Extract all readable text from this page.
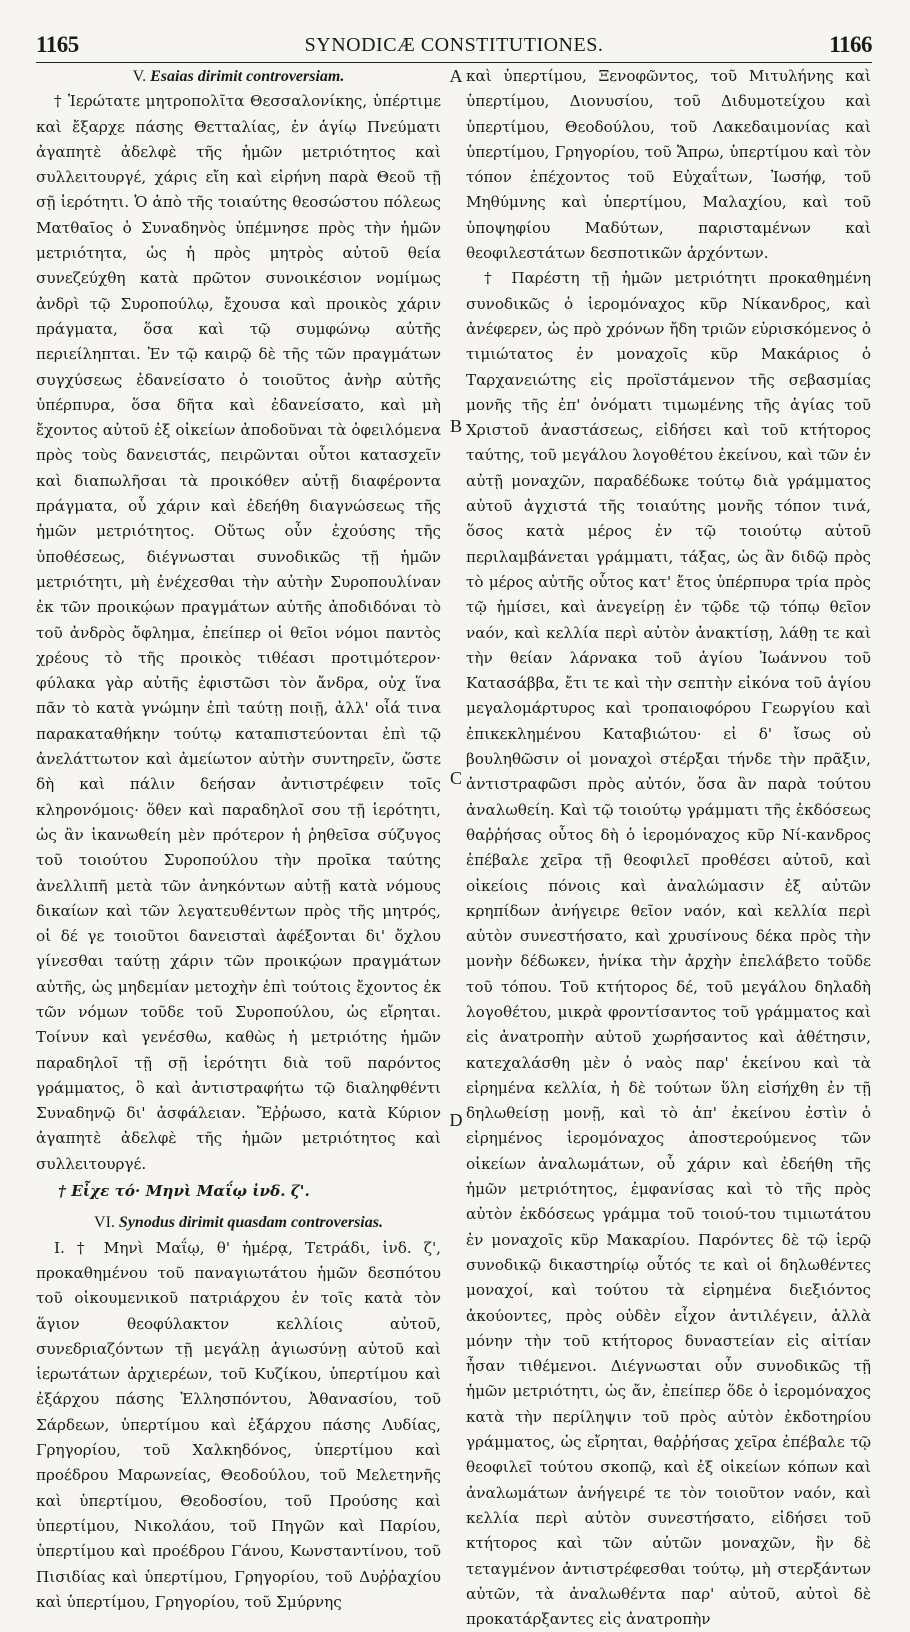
1165	SYNODICÆ CONSTITUTIONES.	1166
V. Esaias dirimit controversiam.

† Ἱερώτατε μητροπολῖτα Θεσσαλονίκης, ὑπέρτιμε καὶ ἔξαρχε πάσης Θετταλίας, ἐν ἁγίῳ Πνεύματι ἀγαπητὲ ἀδελφὲ τῆς ἡμῶν μετριότητος καὶ συλλειτουργέ, χάρις εἴη καὶ εἰρήνη παρὰ Θεοῦ τῇ σῇ ἱερότητι. Ὁ ἀπὸ τῆς τοιαύτης θεοσώστου πόλεως Ματθαῖος ὁ Συναδηνὸς ὑπέμνησε πρὸς τὴν ἡμῶν μετριότητα, ὡς ἡ πρὸς μητρὸς αὐτοῦ θεία συνεζεύχθη κατὰ πρῶτον συνοικέσιον νομίμως ἀνδρὶ τῷ Συροπούλῳ, ἔχουσα καὶ προικὸς χάριν πράγματα, ὅσα καὶ τῷ συμφώνῳ αὐτῆς περιείληπται. Ἐν τῷ καιρῷ δὲ τῆς τῶν πραγμάτων συγχύσεως ἐδανείσατο ὁ τοιοῦτος ἀνὴρ αὐτῆς ὑπέρπυρα, ὅσα δῆτα καὶ ἐδανείσατο, καὶ μὴ ἔχοντος αὐτοῦ ἐξ οἰκείων ἀποδοῦναι τὰ ὀφειλόμενα πρὸς τοὺς δανειστάς, πειρῶνται οὗτοι κατασχεῖν καὶ διαπωλῆσαι τὰ προικόθεν αὐτῇ διαφέροντα πράγματα, οὗ χάριν καὶ ἐδεήθη διαγνώσεως τῆς ἡμῶν μετριότητος. Οὕτως οὖν ἐχούσης τῆς ὑποθέσεως, διέγνωσται συνοδικῶς τῇ ἡμῶν μετριότητι, μὴ ἐνέχεσθαι τὴν αὐτὴν Συροπουλίναν ἐκ τῶν προικῴων πραγμάτων αὐτῆς ἀποδιδόναι τὸ τοῦ ἀνδρὸς ὄφλημα, ἐπείπερ οἱ θεῖοι νόμοι παντὸς χρέους τὸ τῆς προικὸς τιθέασι προτιμότερον· φύλακα γὰρ αὐτῆς ἐφιστῶσι τὸν ἄνδρα, οὐχ ἵνα πᾶν τὸ κατὰ γνώμην ἐπὶ ταύτῃ ποιῇ, ἀλλ' οἷά τινα παρακαταθήκην τούτῳ καταπιστεύονται ἐπὶ τῷ ἀνελάττωτον καὶ ἀμείωτον αὐτὴν συντηρεῖν, ὥστε δὴ καὶ πάλιν δεήσαν ἀντιστρέφειν τοῖς κληρονόμοις· ὅθεν καὶ παραδηλοῖ σου τῇ ἱερότητι, ὡς ἂν ἱκανωθείη μὲν πρότερον ἡ ῥηθεῖσα σύζυγος τοῦ τοιούτου Συροπούλου τὴν προῖκα ταύτης ἀνελλιπῆ μετὰ τῶν ἀνηκόντων αὐτῇ κατὰ νόμους δικαίων καὶ τῶν λεγατευθέντων πρὸς τῆς μητρός, οἱ δέ γε τοιοῦτοι δανεισταὶ ἀφέξονται δι' ὄχλου γίνεσθαι ταύτῃ χάριν τῶν προικῴων πραγμάτων αὐτῆς, ὡς μηδεμίαν μετοχὴν ἐπὶ τούτοις ἔχοντος ἐκ τῶν νόμων τοῦδε τοῦ Συροπούλου, ὡς εἴρηται. Τοίνυν καὶ γενέσθω, καθὼς ἡ μετριότης ἡμῶν παραδηλοῖ τῇ σῇ ἱερότητι διὰ τοῦ παρόντος γράμματος, ὃ καὶ ἀντιστραφήτω τῷ διαληφθέντι Συναδηνῷ δι' ἀσφάλειαν. Ἔῤῥωσο, κατὰ Κύριον ἀγαπητὲ ἀδελφὲ τῆς ἡμῶν μετριότητος καὶ συλλειτουργέ.

† Εἶχε τό· Μηνὶ Μαΐῳ ἰνδ. ζ'.

VI. Synodus dirimit quasdam controversias.

I. † Μηνὶ Μαΐῳ, θ' ἡμέρᾳ, Τετράδι, ἰνδ. ζ', προκαθημένου τοῦ παναγιωτάτου ἡμῶν δεσπότου τοῦ οἰκουμενικοῦ πατριάρχου ἐν τοῖς κατὰ τὸν ἅγιον θεοφύλακτον κελλίοις αὐτοῦ, συνεδριαζόντων τῇ μεγάλῃ ἁγιωσύνῃ αὐτοῦ καὶ ἱερωτάτων ἀρχιερέων, τοῦ Κυζίκου, ὑπερτίμου καὶ ἐξάρχου πάσης Ἑλλησπόντου, Ἀθανασίου, τοῦ Σάρδεων, ὑπερτίμου καὶ ἐξάρχου πάσης Λυδίας, Γρηγορίου, τοῦ Χαλκηδόνος, ὑπερτίμου καὶ προέδρου Μαρωνείας, Θεοδούλου, τοῦ Μελετηνῆς καὶ ὑπερτίμου, Θεοδοσίου, τοῦ Προύσης καὶ ὑπερτίμου, Νικολάου, τοῦ Πηγῶν καὶ Παρίου, ὑπερτίμου καὶ προέδρου Γάνου, Κωνσταντίνου, τοῦ Πισιδίας καὶ ὑπερτίμου, Γρηγορίου, τοῦ Δυῤῥαχίου καὶ ὑπερτίμου, Γρηγορίου, τοῦ Σμύρνης

A
B
C
D

καὶ ὑπερτίμου, Ξενοφῶντος, τοῦ Μιτυλήνης καὶ ὑπερτίμου, Διονυσίου, τοῦ Διδυμοτείχου καὶ ὑπερτίμου, Θεοδούλου, τοῦ Λακεδαιμονίας καὶ ὑπερτίμου, Γρηγορίου, τοῦ Ἄπρω, ὑπερτίμου καὶ τὸν τόπον ἐπέχοντος τοῦ Εὐχαΐτων, Ἰωσήφ, τοῦ Μηθύμνης καὶ ὑπερτίμου, Μαλαχίου, καὶ τοῦ ὑποψηφίου Μαδύτων, παρισταμένων καὶ θεοφιλεστάτων δεσποτικῶν ἀρχόντων.

† Παρέστη τῇ ἡμῶν μετριότητι προκαθημένη συνοδικῶς ὁ ἱερομόναχος κῦρ Νίκανδρος, καὶ ἀνέφερεν, ὡς πρὸ χρόνων ἤδη τριῶν εὑρισκόμενος ὁ τιμιώτατος ἐν μοναχοῖς κῦρ Μακάριος ὁ Ταρχανειώτης εἰς προϊστάμενον τῆς σεβασμίας μονῆς τῆς ἐπ' ὀνόματι τιμωμένης τῆς ἁγίας τοῦ Χριστοῦ ἀναστάσεως, εἰδήσει καὶ τοῦ κτήτορος ταύτης, τοῦ μεγάλου λογοθέτου ἐκείνου, καὶ τῶν ἐν αὐτῇ μοναχῶν, παραδέδωκε τούτῳ διὰ γράμματος αὐτοῦ ἀγχιστά τῆς τοιαύτης μονῆς τόπον τινά, ὅσος κατὰ μέρος ἐν τῷ τοιούτῳ αὐτοῦ περιλαμβάνεται γράμματι, τάξας, ὡς ἂν διδῷ πρὸς τὸ μέρος αὐτῆς οὗτος κατ' ἔτος ὑπέρπυρα τρία πρὸς τῷ ἡμίσει, καὶ ἀνεγείρῃ ἐν τῷδε τῷ τόπῳ θεῖον ναόν, καὶ κελλία περὶ αὐτὸν ἀνακτίσῃ, λάθῃ τε καὶ τὴν θείαν λάρνακα τοῦ ἁγίου Ἰωάννου τοῦ Κατασάββα, ἔτι τε καὶ τὴν σεπτὴν εἰκόνα τοῦ ἁγίου μεγαλομάρτυρος καὶ τροπαιοφόρου Γεωργίου καὶ ἐπικεκλημένου Καταβιώτου· εἰ δ' ἴσως οὐ βουληθῶσιν οἱ μοναχοὶ στέρξαι τήνδε τὴν πρᾶξιν, ἀντιστραφῶσι πρὸς αὐτόν, ὅσα ἂν παρὰ τούτου ἀναλωθείη. Καὶ τῷ τοιούτῳ γράμματι τῆς ἐκδόσεως θαῤῥήσας οὗτος δὴ ὁ ἱερομόναχος κῦρ Νί-κανδρος ἐπέβαλε χεῖρα τῇ θεοφιλεῖ προθέσει αὐτοῦ, καὶ οἰκείοις πόνοις καὶ ἀναλώμασιν ἐξ αὐτῶν κρηπίδων ἀνήγειρε θεῖον ναόν, καὶ κελλία περὶ αὐτὸν συνεστήσατο, καὶ χρυσίνους δέκα πρὸς τὴν μονὴν δέδωκεν, ἡνίκα τὴν ἀρχὴν ἐπελάβετο τοῦδε τοῦ τόπου. Τοῦ κτήτορος δέ, τοῦ μεγάλου δηλαδὴ λογοθέτου, μικρὰ φροντίσαντος τοῦ γράμματος καὶ εἰς ἀνατροπὴν αὐτοῦ χωρήσαντος καὶ ἀθέτησιν, κατεχαλάσθη μὲν ὁ ναὸς παρ' ἐκείνου καὶ τὰ εἰρημένα κελλία, ἡ δὲ τούτων ὕλη εἰσήχθη ἐν τῇ δηλωθείσῃ μονῇ, καὶ τὸ ἀπ' ἐκείνου ἐστὶν ὁ εἰρημένος ἱερομόναχος ἀποστερούμενος τῶν οἰκείων ἀναλωμάτων, οὗ χάριν καὶ ἐδεήθη τῆς ἡμῶν μετριότητος, ἐμφανίσας καὶ τὸ τῆς πρὸς αὐτὸν ἐκδόσεως γράμμα τοῦ τοιού-του τιμιωτάτου ἐν μοναχοῖς κῦρ Μακαρίου. Παρόντες δὲ τῷ ἱερῷ συνοδικῷ δικαστηρίῳ οὗτός τε καὶ οἱ δηλωθέντες μοναχοί, καὶ τούτου τὰ εἰρημένα διεξιόντος ἀκούοντες, πρὸς οὐδὲν εἶχον ἀντιλέγειν, ἀλλὰ μόνην τὴν τοῦ κτήτορος δυναστείαν εἰς αἰτίαν ἦσαν τιθέμενοι. Διέγνωσται οὖν συνοδικῶς τῇ ἡμῶν μετριότητι, ὡς ἄν, ἐπείπερ ὅδε ὁ ἱερομόναχος κατὰ τὴν περίληψιν τοῦ πρὸς αὐτὸν ἐκδοτηρίου γράμματος, ὡς εἴρηται, θαῤῥήσας χεῖρα ἐπέβαλε τῷ θεοφιλεῖ τούτου σκοπῷ, καὶ ἐξ οἰκείων κόπων καὶ ἀναλωμάτων ἀνήγειρέ τε τὸν τοιοῦτον ναόν, καὶ κελλία περὶ αὐτὸν συνεστήσατο, εἰδήσει τοῦ κτήτορος καὶ τῶν αὐτῶν μοναχῶν, ἣν δὲ τεταγμένον ἀντιστρέφεσθαι τούτῳ, μὴ στερξάντων αὐτῶν, τὰ ἀναλωθέντα παρ' αὐτοῦ, αὐτοὶ δὲ προκατάρξαντες εἰς ἀνατροπὴν
